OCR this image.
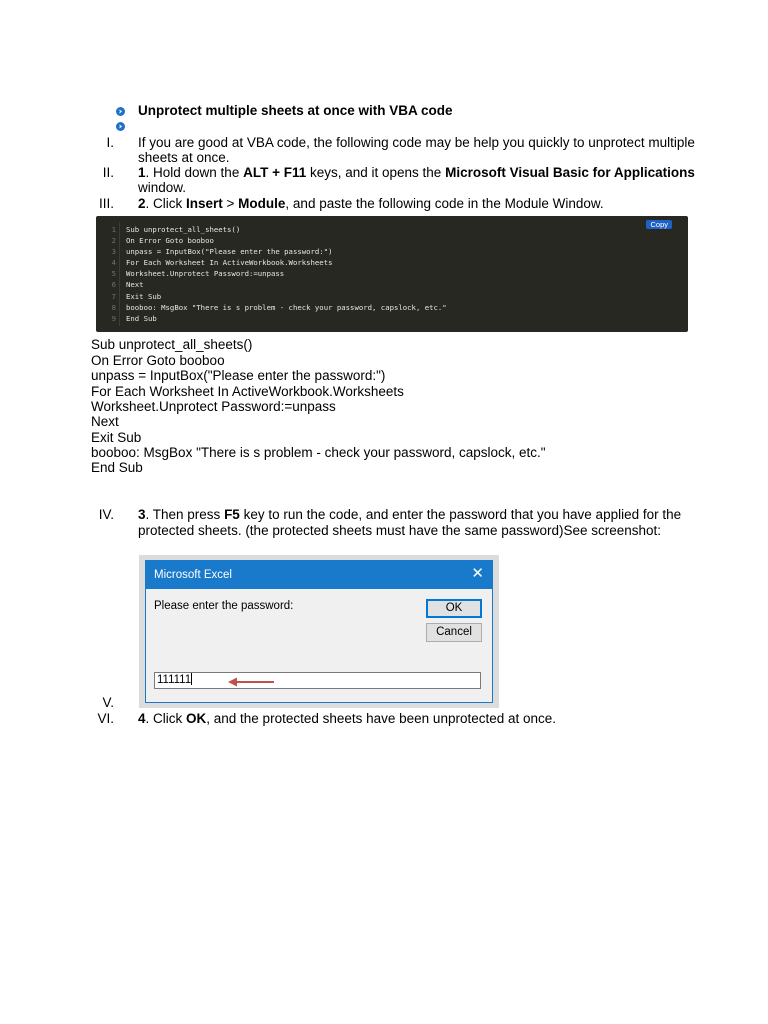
Unprotect multiple sheets at once with VBA code
I. If you are good at VBA code, the following code may be help you quickly to unprotect multiple sheets at once.
II. 1. Hold down the ALT + F11 keys, and it opens the Microsoft Visual Basic for Applications window.
III. 2. Click Insert > Module, and paste the following code in the Module Window.
Copy
1 Sub unprotect_all_sheets()
2 On Error Goto booboo
3 unpass = InputBox("Please enter the password:")
4 For Each Worksheet In ActiveWorkbook.Worksheets
5 Worksheet.Unprotect Password:=unpass
6 Next
7 Exit Sub
8 booboo: MsgBox "There is s problem - check your password, capslock, etc."
9 End Sub
Sub unprotect_all_sheets()
On Error Goto booboo
unpass = InputBox("Please enter the password:")
For Each Worksheet In ActiveWorkbook.Worksheets
Worksheet.Unprotect Password:=unpass
Next
Exit Sub
booboo: MsgBox "There is s problem - check your password, capslock, etc."
End Sub
IV. 3. Then press F5 key to run the code, and enter the password that you have applied for the protected sheets. (the protected sheets must have the same password)See screenshot:
Microsoft Excel	✕
Please enter the password:	OK
Cancel
111111
V.
VI. 4. Click OK, and the protected sheets have been unprotected at once.
